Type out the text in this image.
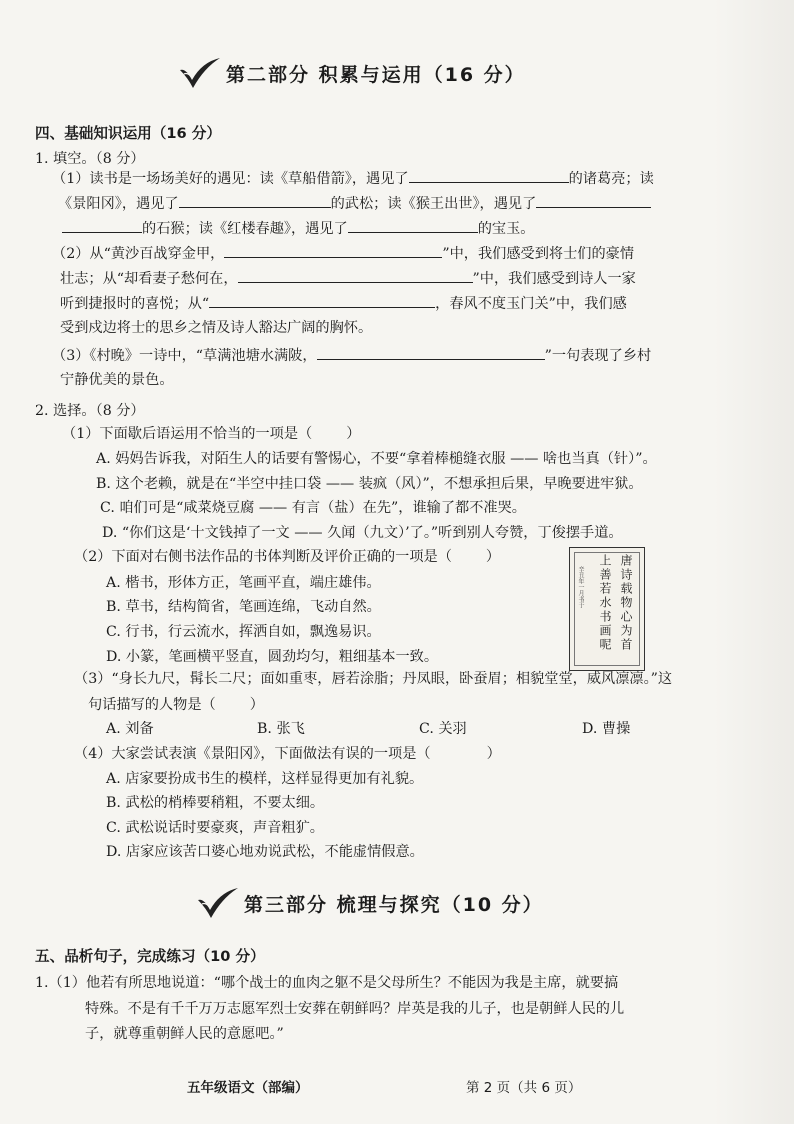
第二部分 积累与运用（16 分）
四、基础知识运用（16 分）
1. 填空。（8 分）
（1）读书是一场场美好的遇见：读《草船借箭》，遇见了	的诸葛亮；读
《景阳冈》，遇见了	的武松；读《猴王出世》，遇见了
的石猴；读《红楼春趣》，遇见了	的宝玉。
（2）从“黄沙百战穿金甲，	”中，我们感受到将士们的豪情
壮志；从“却看妻子愁何在，	”中，我们感受到诗人一家
听到捷报时的喜悦；从“	，春风不度玉门关”中，我们感
受到戍边将士的思乡之情及诗人豁达广阔的胸怀。
（3）《村晚》一诗中，“草满池塘水满陂，	”一句表现了乡村
宁静优美的景色。
2. 选择。（8 分）
（1）下面歇后语运用不恰当的一项是（ ）
A. 妈妈告诉我，对陌生人的话要有警惕心，不要“拿着棒槌缝衣服 —— 啥也当真（针）”。
B. 这个老赖，就是在“半空中挂口袋 —— 装疯（风）”，不想承担后果，早晚要进牢狱。
C. 咱们可是“咸菜烧豆腐 —— 有言（盐）在先”，谁输了都不准哭。
D. “你们这是‘十文钱掉了一文 —— 久闻（九文）’了。”听到别人夸赞，丁俊摆手道。
（2）下面对右侧书法作品的书体判断及评价正确的一项是（ ）
A. 楷书，形体方正，笔画平直，端庄雄伟。
B. 草书，结构简省，笔画连绵，飞动自然。
C. 行书，行云流水，挥洒自如，飘逸易识。
D. 小篆，笔画横平竖直，圆劲均匀，粗细基本一致。
唐诗载物心为首
上善若水书画呢
辛丑年一月书于
（3）“身长九尺，髯长二尺；面如重枣，唇若涂脂；丹凤眼，卧蚕眉；相貌堂堂，威风凛凛。”这
句话描写的人物是（ ）
A. 刘备	B. 张飞	C. 关羽	D. 曹操
（4）大家尝试表演《景阳冈》，下面做法有误的一项是（	）
A. 店家要扮成书生的模样，这样显得更加有礼貌。
B. 武松的梢棒要稍粗，不要太细。
C. 武松说话时要豪爽，声音粗犷。
D. 店家应该苦口婆心地劝说武松，不能虚情假意。
第三部分 梳理与探究（10 分）
五、品析句子，完成练习（10 分）
1.（1）他若有所思地说道：“哪个战士的血肉之躯不是父母所生？不能因为我是主席，就要搞
特殊。不是有千千万万志愿军烈士安葬在朝鲜吗？岸英是我的儿子，也是朝鲜人民的儿
子，就尊重朝鲜人民的意愿吧。”
五年级语文（部编）	第 2 页（共 6 页）
